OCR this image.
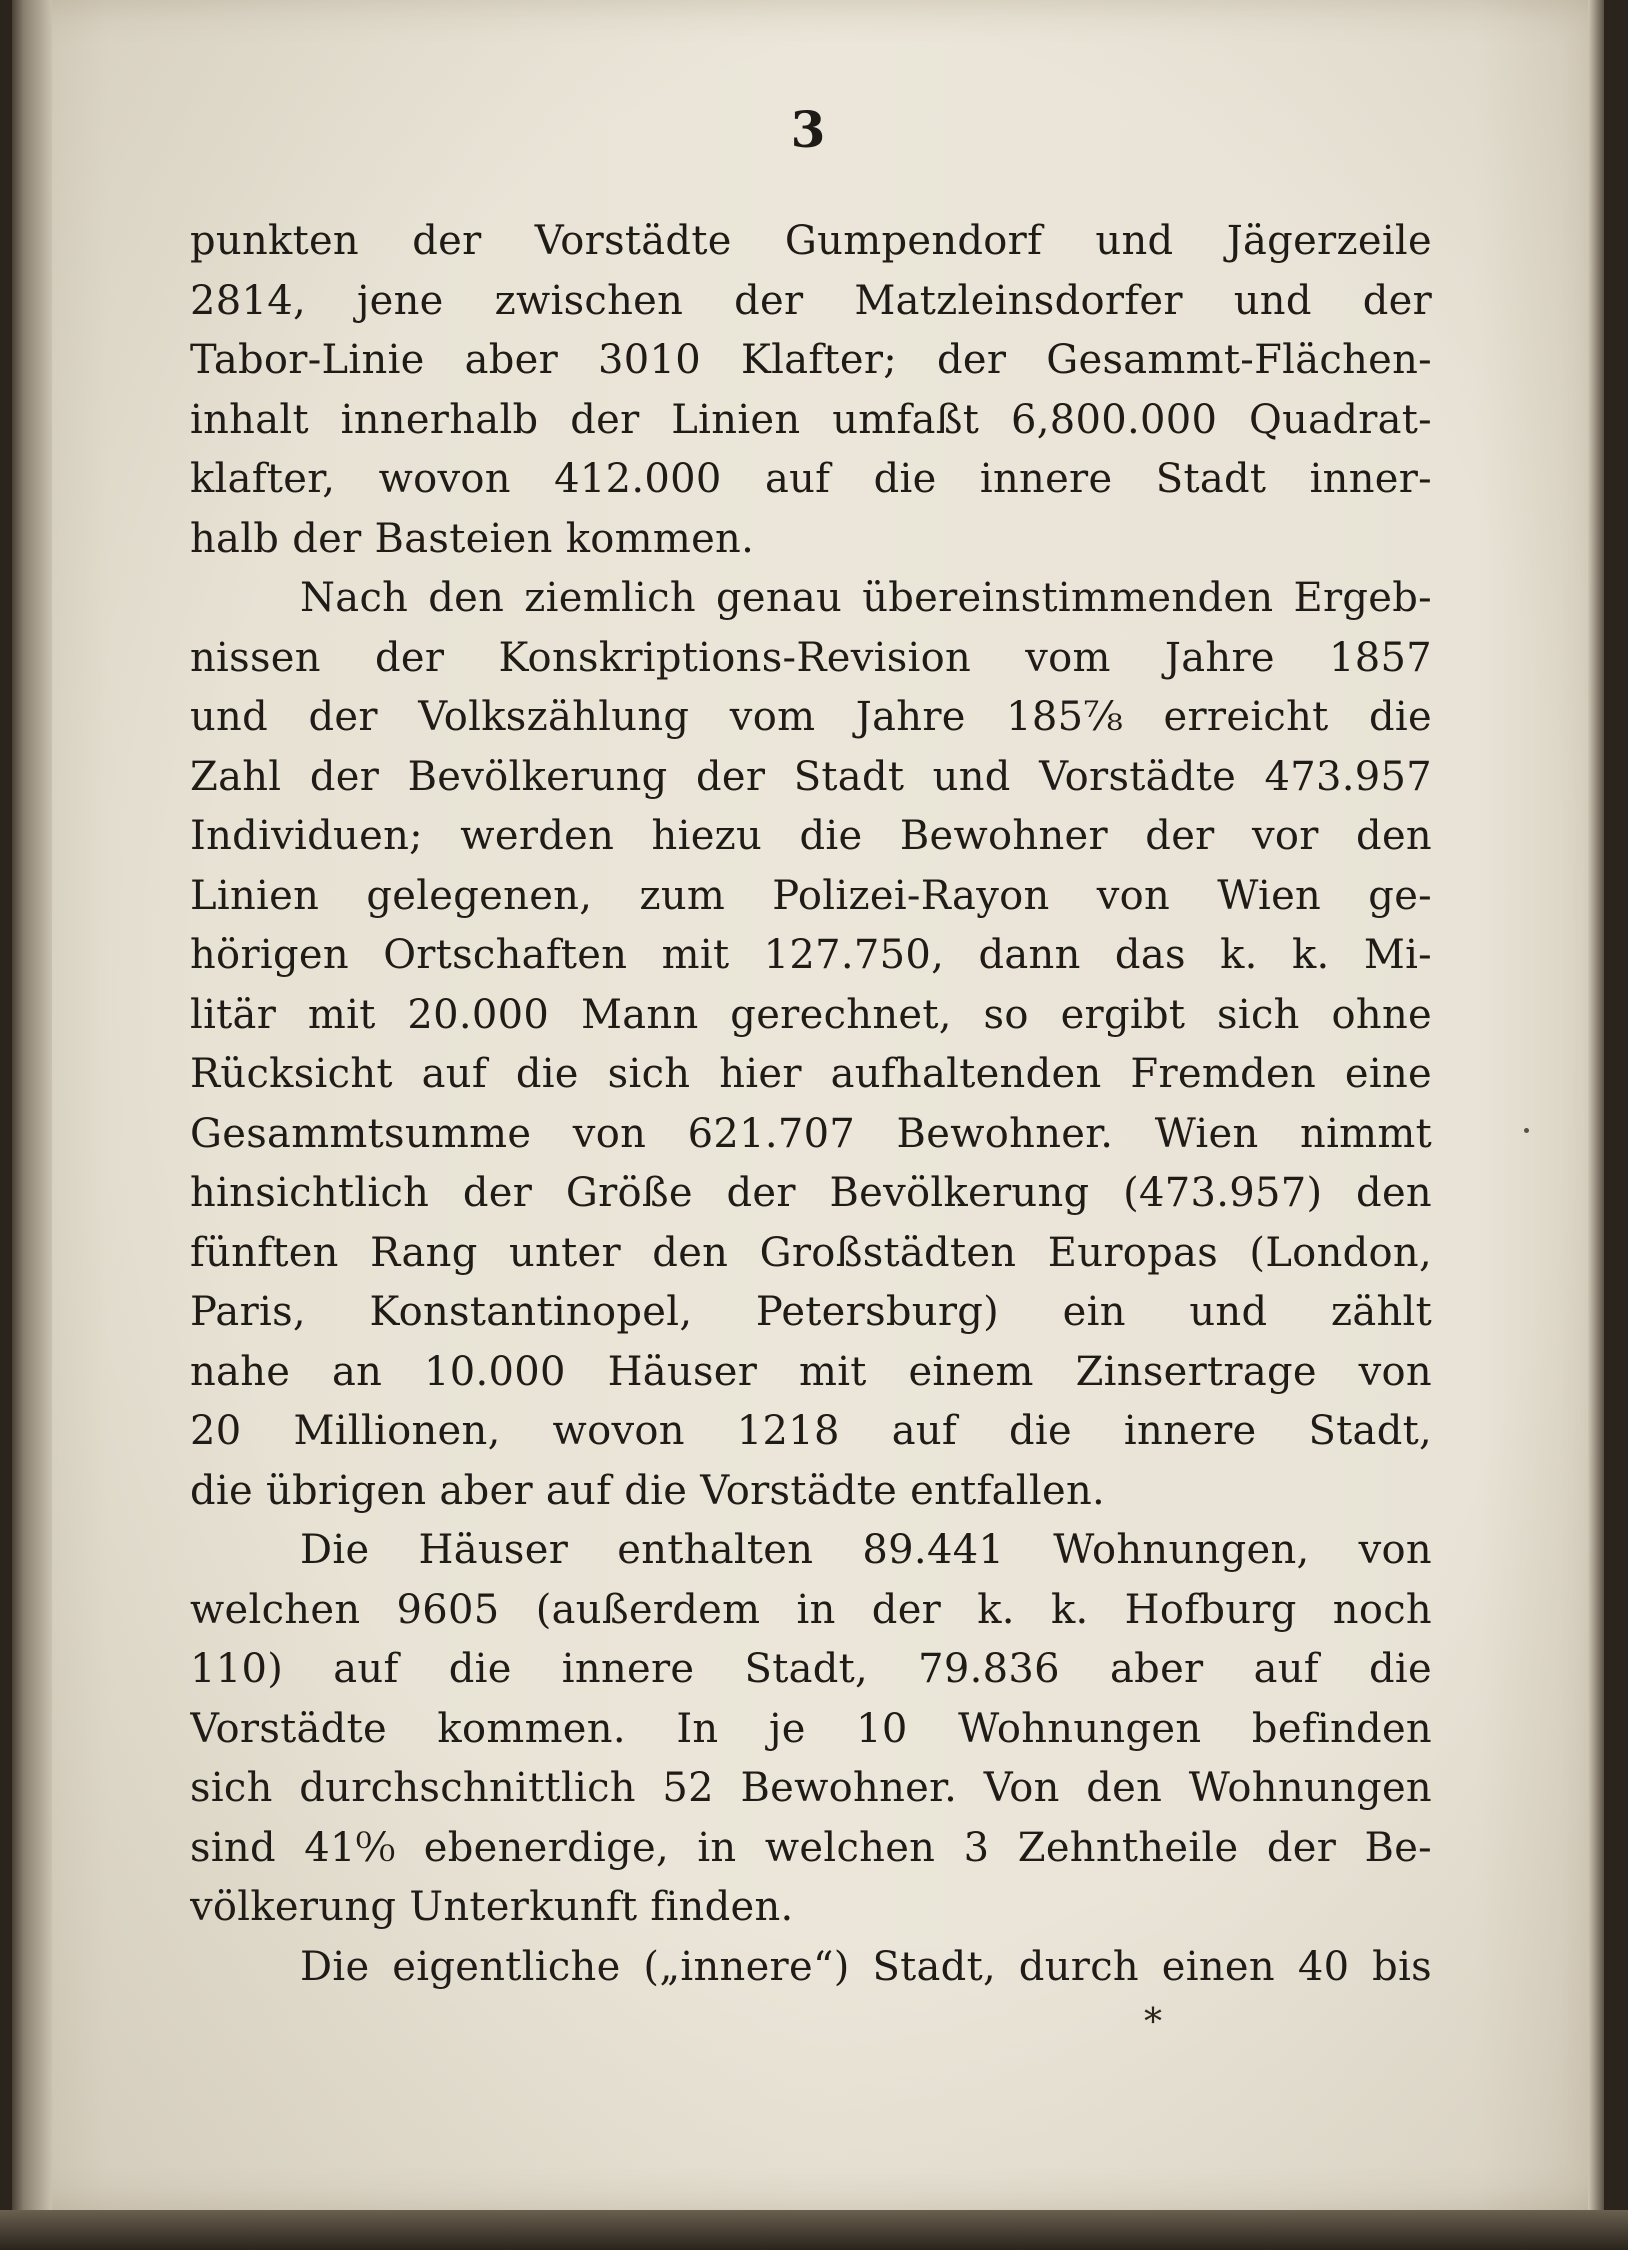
3
punkten der Vorstädte Gumpendorf und Jägerzeile
2814, jene zwischen der Matzleinsdorfer und der
Tabor-Linie aber 3010 Klafter; der Gesammt-Flächen-
inhalt innerhalb der Linien umfaßt 6,800.000 Quadrat-
klafter, wovon 412.000 auf die innere Stadt inner-
halb der Basteien kommen.
Nach den ziemlich genau übereinstimmenden Ergeb-
nissen der Konskriptions-Revision vom Jahre 1857
und der Volkszählung vom Jahre 185⁷⁄₈ erreicht die
Zahl der Bevölkerung der Stadt und Vorstädte 473.957
Individuen; werden hiezu die Bewohner der vor den
Linien gelegenen, zum Polizei-Rayon von Wien ge-
hörigen Ortschaften mit 127.750, dann das k. k. Mi-
litär mit 20.000 Mann gerechnet, so ergibt sich ohne
Rücksicht auf die sich hier aufhaltenden Fremden eine
Gesammtsumme von 621.707 Bewohner. Wien nimmt
hinsichtlich der Größe der Bevölkerung (473.957) den
fünften Rang unter den Großstädten Europas (London,
Paris, Konstantinopel, Petersburg) ein und zählt
nahe an 10.000 Häuser mit einem Zinsertrage von
20 Millionen, wovon 1218 auf die innere Stadt,
die übrigen aber auf die Vorstädte entfallen.
Die Häuser enthalten 89.441 Wohnungen, von
welchen 9605 (außerdem in der k. k. Hofburg noch
110) auf die innere Stadt, 79.836 aber auf die
Vorstädte kommen. In je 10 Wohnungen befinden
sich durchschnittlich 52 Bewohner. Von den Wohnungen
sind 41⁰⁄₀ ebenerdige, in welchen 3 Zehntheile der Be-
völkerung Unterkunft finden.
Die eigentliche („innere“) Stadt, durch einen 40 bis
*
